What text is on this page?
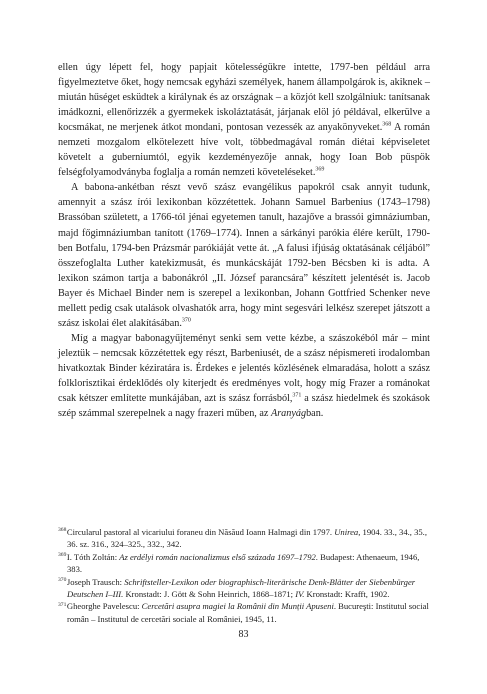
ellen úgy lépett fel, hogy papjait kötelességükre intette, 1797-ben például arra figyelmeztetve őket, hogy nemcsak egyházi személyek, hanem állampolgárok is, akiknek – miután hűséget esküdtek a királynak és az országnak – a közjót kell szolgálniuk: tanítsanak imádkozni, ellenőrizzék a gyermekek iskoláztatását, járjanak elöl jó példával, elkerülve a kocsmákat, ne merjenek átkot mondani, pontosan vezessék az anyakönyveket.$^{368}$ A román nemzeti mozgalom elkötelezett híve volt, többedmagával román diétai képviseletet követelt a guberniumtól, egyik kezdeményezője annak, hogy Ioan Bob püspök felségfolyamodványba foglalja a román nemzeti követeléseket.$^{369}$

A babona-ankétban részt vevő szász evangélikus papokról csak annyit tudunk, amennyit a szász írói lexikonban közzétettek. Johann Samuel Barbenius (1743–1798) Brassóban született, a 1766-tól jénai egyetemen tanult, hazajőve a brassói gimnáziumban, majd főgimnáziumban tanított (1769–1774). Innen a sárkányi parókia élére került, 1790-ben Botfalu, 1794-ben Prázsmár parókiáját vette át. „A falusi ifjúság oktatásának céljából” összefoglalta Luther katekizmusát, és munkácskáját 1792-ben Bécsben ki is adta. A lexikon számon tartja a babonákról „II. József parancsára” készített jelentését is. Jacob Bayer és Michael Binder nem is szerepel a lexikonban, Johann Gottfried Schenker neve mellett pedig csak utalások olvashatók arra, hogy mint segesvári lelkész szerepet játszott a szász iskolai élet alakításában.$^{370}$

Míg a magyar babonagyűjteményt senki sem vette kézbe, a szászokéból már – mint jeleztük – nemcsak közzétettek egy részt, Barbeniusét, de a szász népismereti irodalomban hivatkoztak Binder kéziratára is. Érdekes e jelentés közlésének elmaradása, holott a szász folklorisztikai érdeklődés oly kiterjedt és eredményes volt, hogy míg Frazer a románokat csak kétszer említette munkájában, azt is szász forrásból,$^{371}$ a szász hiedelmek és szokások szép számmal szerepelnek a nagy frazeri műben, az Aranyágban.

$^{368}$Circularul pastoral al vicariului foraneu din Năsăud Ioann Halmagi din 1797. Unirea, 1904. 33., 34., 35., 36. sz. 316., 324–325., 332., 342.
$^{369}$I. Tóth Zoltán: Az erdélyi román nacionalizmus első százada 1697–1792. Budapest: Athenaeum, 1946, 383.
$^{370}$Joseph Trausch: Schriftsteller-Lexikon oder biographisch-literärische Denk-Blätter der Siebenbürger Deutschen I–III. Kronstadt: J. Gött & Sohn Heinrich, 1868–1871; IV. Kronstadt: Krafft, 1902.
$^{371}$Gheorghe Pavelescu: Cercetări asupra magiei la Românii din Munții Apuseni. Bucureşti: Institutul social român – Institutul de cercetări sociale al României, 1945, 11.
83
